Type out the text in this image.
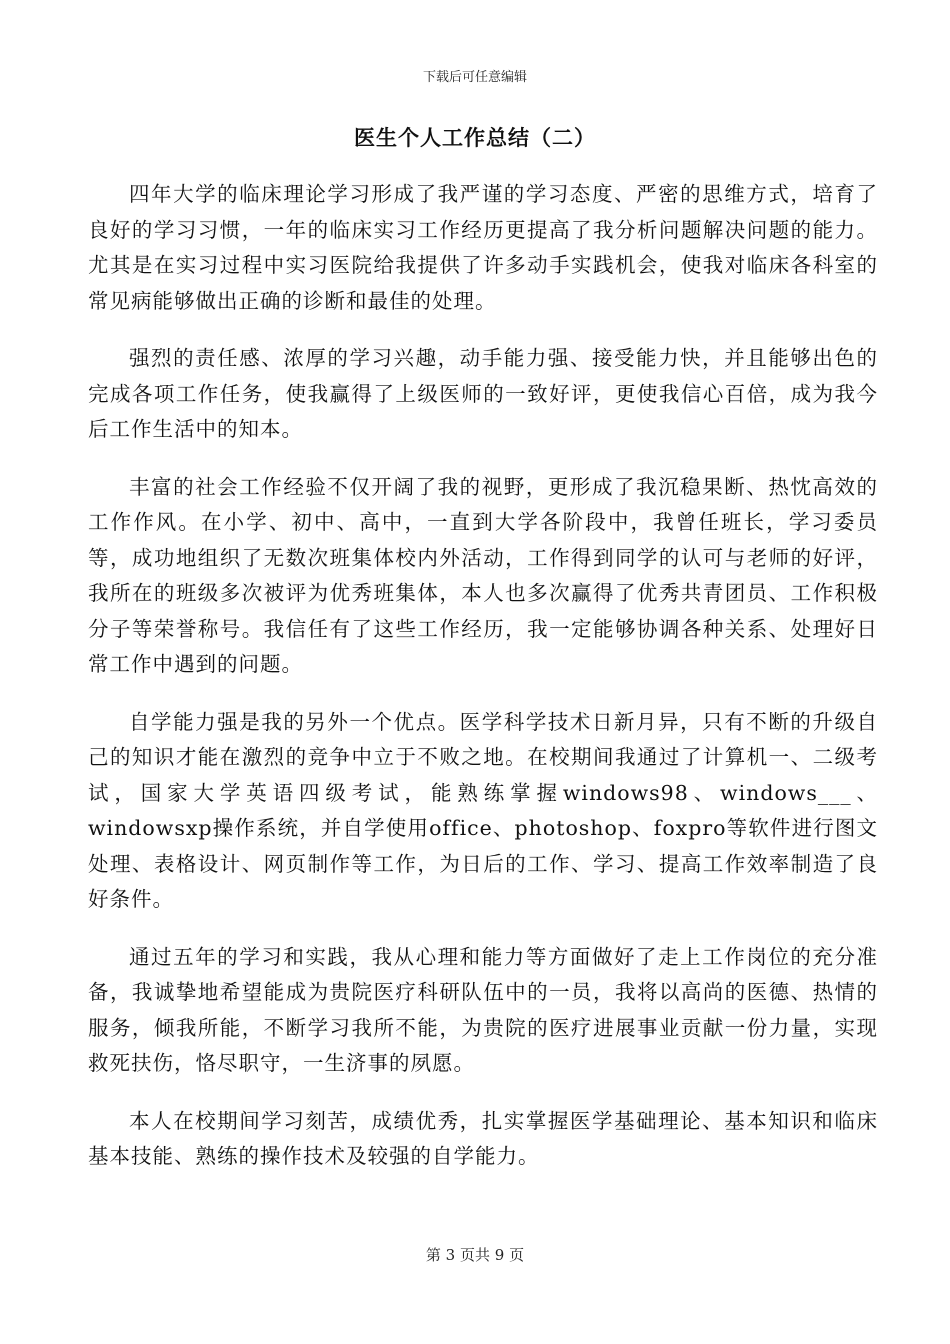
下载后可任意编辑
医生个人工作总结（二）

四年大学的临床理论学习形成了我严谨的学习态度、严密的思维方式，培育了良好的学习习惯，一年的临床实习工作经历更提高了我分析问题解决问题的能力。尤其是在实习过程中实习医院给我提供了许多动手实践机会，使我对临床各科室的常见病能够做出正确的诊断和最佳的处理。

强烈的责任感、浓厚的学习兴趣，动手能力强、接受能力快，并且能够出色的完成各项工作任务，使我赢得了上级医师的一致好评，更使我信心百倍，成为我今后工作生活中的知本。

丰富的社会工作经验不仅开阔了我的视野，更形成了我沉稳果断、热忱高效的工作作风。在小学、初中、高中，一直到大学各阶段中，我曾任班长，学习委员等，成功地组织了无数次班集体校内外活动，工作得到同学的认可与老师的好评，我所在的班级多次被评为优秀班集体，本人也多次赢得了优秀共青团员、工作积极分子等荣誉称号。我信任有了这些工作经历，我一定能够协调各种关系、处理好日常工作中遇到的问题。

自学能力强是我的另外一个优点。医学科学技术日新月异，只有不断的升级自己的知识才能在激烈的竞争中立于不败之地。在校期间我通过了计算机一、二级考试，国家大学英语四级考试，能熟练掌握windows98、windows___、windowsxp操作系统，并自学使用office、photoshop、foxpro等软件进行图文处理、表格设计、网页制作等工作，为日后的工作、学习、提高工作效率制造了良好条件。

通过五年的学习和实践，我从心理和能力等方面做好了走上工作岗位的充分准备，我诚挚地希望能成为贵院医疗科研队伍中的一员，我将以高尚的医德、热情的服务，倾我所能，不断学习我所不能，为贵院的医疗进展事业贡献一份力量，实现救死扶伤，恪尽职守，一生济事的夙愿。

本人在校期间学习刻苦，成绩优秀，扎实掌握医学基础理论、基本知识和临床基本技能、熟练的操作技术及较强的自学能力。

第 3 页共 9 页
